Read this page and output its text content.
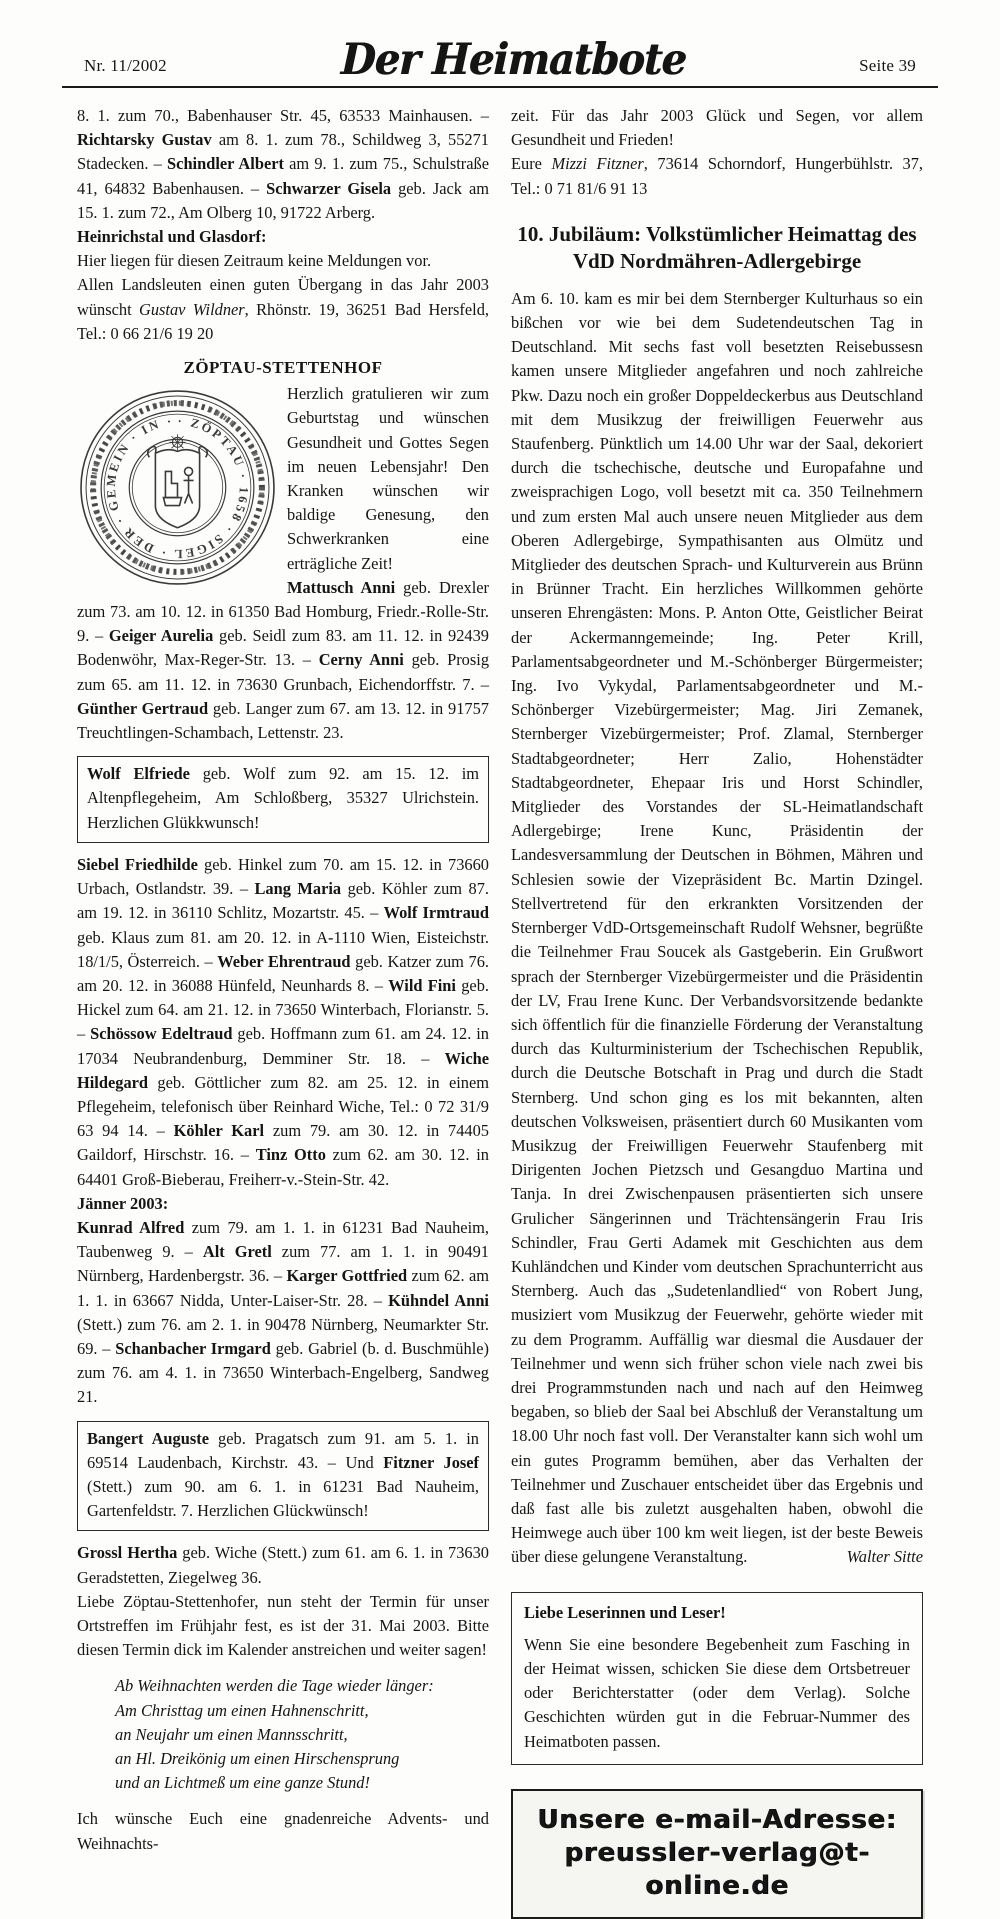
Nr. 11/2002	Der Heimatbote	Seite 39

8. 1. zum 70., Babenhauser Str. 45, 63533 Mainhausen. – Richtarsky Gustav am 8. 1. zum 78., Schildweg 3, 55271 Stadecken. – Schindler Albert am 9. 1. zum 75., Schulstraße 41, 64832 Babenhausen. – Schwarzer Gisela geb. Jack am 15. 1. zum 72., Am Olberg 10, 91722 Arberg.

Heinrichstal und Glasdorf:

Hier liegen für diesen Zeitraum keine Meldungen vor.

Allen Landsleuten einen guten Übergang in das Jahr 2003 wünscht Gustav Wildner, Rhönstr. 19, 36251 Bad Hersfeld, Tel.: 0 66 21/6 19 20

ZÖPTAU-STETTENHOF
· ZÖPTAU · 1658 · SIGEL · DER · GEMEIN · IN ·

Herzlich gratulieren wir zum Geburtstag und wünschen Gesundheit und Gottes Segen im neuen Lebensjahr! Den Kranken wünschen wir baldige Genesung, den Schwerkranken eine erträgliche Zeit!

Mattusch Anni geb. Drexler zum 73. am 10. 12. in 61350 Bad Homburg, Friedr.-Rolle-Str. 9. – Geiger Aurelia geb. Seidl zum 83. am 11. 12. in 92439 Bodenwöhr, Max-Reger-Str. 13. – Cerny Anni geb. Prosig zum 65. am 11. 12. in 73630 Grunbach, Eichendorffstr. 7. – Günther Gertraud geb. Langer zum 67. am 13. 12. in 91757 Treuchtlingen-Schambach, Lettenstr. 23.

Wolf Elfriede geb. Wolf zum 92. am 15. 12. im Altenpflegeheim, Am Schloßberg, 35327 Ulrichstein. Herzlichen Glükkwunsch!

Siebel Friedhilde geb. Hinkel zum 70. am 15. 12. in 73660 Urbach, Ostlandstr. 39. – Lang Maria geb. Köhler zum 87. am 19. 12. in 36110 Schlitz, Mozartstr. 45. – Wolf Irmtraud geb. Klaus zum 81. am 20. 12. in A-1110 Wien, Eisteichstr. 18/1/5, Österreich. – Weber Ehrentraud geb. Katzer zum 76. am 20. 12. in 36088 Hünfeld, Neunhards 8. – Wild Fini geb. Hickel zum 64. am 21. 12. in 73650 Winterbach, Florianstr. 5. – Schössow Edeltraud geb. Hoffmann zum 61. am 24. 12. in 17034 Neubrandenburg, Demminer Str. 18. – Wiche Hildegard geb. Göttlicher zum 82. am 25. 12. in einem Pflegeheim, telefonisch über Reinhard Wiche, Tel.: 0 72 31/9 63 94 14. – Köhler Karl zum 79. am 30. 12. in 74405 Gaildorf, Hirschstr. 16. – Tinz Otto zum 62. am 30. 12. in 64401 Groß-Bieberau, Freiherr-v.-Stein-Str. 42.

Jänner 2003:

Kunrad Alfred zum 79. am 1. 1. in 61231 Bad Nauheim, Taubenweg 9. – Alt Gretl zum 77. am 1. 1. in 90491 Nürnberg, Hardenbergstr. 36. – Karger Gottfried zum 62. am 1. 1. in 63667 Nidda, Unter-Laiser-Str. 28. – Kühndel Anni (Stett.) zum 76. am 2. 1. in 90478 Nürnberg, Neumarkter Str. 69. – Schanbacher Irmgard geb. Gabriel (b. d. Buschmühle) zum 76. am 4. 1. in 73650 Winterbach-Engelberg, Sandweg 21.

Bangert Auguste geb. Pragatsch zum 91. am 5. 1. in 69514 Laudenbach, Kirchstr. 43. – Und Fitzner Josef (Stett.) zum 90. am 6. 1. in 61231 Bad Nauheim, Gartenfeldstr. 7. Herzlichen Glückwünsch!

Grossl Hertha geb. Wiche (Stett.) zum 61. am 6. 1. in 73630 Geradstetten, Ziegelweg 36.

Liebe Zöptau-Stettenhofer, nun steht der Termin für unser Ortstreffen im Frühjahr fest, es ist der 31. Mai 2003. Bitte diesen Termin dick im Kalender anstreichen und weiter sagen!

Ab Weihnachten werden die Tage wieder länger:
Am Christtag um einen Hahnenschritt,
an Neujahr um einen Mannsschritt,
an Hl. Dreikönig um einen Hirschensprung
und an Lichtmeß um eine ganze Stund!

Ich wünsche Euch eine gnadenreiche Advents- und Weihnachts-

zeit. Für das Jahr 2003 Glück und Segen, vor allem Gesundheit und Frieden!

Eure Mizzi Fitzner, 73614 Schorndorf, Hungerbühlstr. 37, Tel.: 0 71 81/6 91 13

10. Jubiläum: Volkstümlicher Heimattag des
VdD Nordmähren-Adlergebirge

Am 6. 10. kam es mir bei dem Sternberger Kulturhaus so ein bißchen vor wie bei dem Sudetendeutschen Tag in Deutschland. Mit sechs fast voll besetzten Reisebussesn kamen unsere Mitglieder angefahren und noch zahlreiche Pkw. Dazu noch ein großer Doppeldeckerbus aus Deutschland mit dem Musikzug der freiwilligen Feuerwehr aus Staufenberg. Pünktlich um 14.00 Uhr war der Saal, dekoriert durch die tschechische, deutsche und Europafahne und zweisprachigen Logo, voll besetzt mit ca. 350 Teilnehmern und zum ersten Mal auch unsere neuen Mitglieder aus dem Oberen Adlergebirge, Sympathisanten aus Olmütz und Mitglieder des deutschen Sprach- und Kulturverein aus Brünn in Brünner Tracht. Ein herzliches Willkommen gehörte unseren Ehrengästen: Mons. P. Anton Otte, Geistlicher Beirat der Ackermanngemeinde; Ing. Peter Krill, Parlamentsabgeordneter und M.-Schönberger Bürgermeister; Ing. Ivo Vykydal, Parlamentsabgeordneter und M.-Schönberger Vizebürgermeister; Mag. Jiri Zemanek, Sternberger Vizebürgermeister; Prof. Zlamal, Sternberger Stadtabgeordneter; Herr Zalio, Hohenstädter Stadtabgeordneter, Ehepaar Iris und Horst Schindler, Mitglieder des Vorstandes der SL-Heimatlandschaft Adlergebirge; Irene Kunc, Präsidentin der Landesversammlung der Deutschen in Böhmen, Mähren und Schlesien sowie der Vizepräsident Bc. Martin Dzingel. Stellvertretend für den erkrankten Vorsitzenden der Sternberger VdD-Ortsgemeinschaft Rudolf Wehsner, begrüßte die Teilnehmer Frau Soucek als Gastgeberin. Ein Grußwort sprach der Sternberger Vizebürgermeister und die Präsidentin der LV, Frau Irene Kunc. Der Verbandsvorsitzende bedankte sich öffentlich für die finanzielle Förderung der Veranstaltung durch das Kulturministerium der Tschechischen Republik, durch die Deutsche Botschaft in Prag und durch die Stadt Sternberg. Und schon ging es los mit bekannten, alten deutschen Volksweisen, präsentiert durch 60 Musikanten vom Musikzug der Freiwilligen Feuerwehr Staufenberg mit Dirigenten Jochen Pietzsch und Gesangduo Martina und Tanja. In drei Zwischenpausen präsentierten sich unsere Grulicher Sängerinnen und Trächtensängerin Frau Iris Schindler, Frau Gerti Adamek mit Geschichten aus dem Kuhländchen und Kinder vom deutschen Sprachunterricht aus Sternberg. Auch das „Sudetenlandlied“ von Robert Jung, musiziert vom Musikzug der Feuerwehr, gehörte wieder mit zu dem Programm. Auffällig war diesmal die Ausdauer der Teilnehmer und wenn sich früher schon viele nach zwei bis drei Programmstunden nach und nach auf den Heimweg begaben, so blieb der Saal bei Abschluß der Veranstaltung um 18.00 Uhr noch fast voll. Der Veranstalter kann sich wohl um ein gutes Programm bemühen, aber das Verhalten der Teilnehmer und Zuschauer entscheidet über das Ergebnis und daß fast alle bis zuletzt ausgehalten haben, obwohl die Heimwege auch über 100 km weit liegen, ist der beste Beweis über diese gelungene Veranstaltung.	Walter Sitte

Liebe Leserinnen und Leser!

Wenn Sie eine besondere Begebenheit zum Fasching in der Heimat wissen, schicken Sie diese dem Ortsbetreuer oder Berichterstatter (oder dem Verlag). Solche Geschichten würden gut in die Februar-Nummer des Heimatboten passen.

Unsere e-mail-Adresse:
preussler-verlag@t-online.de
